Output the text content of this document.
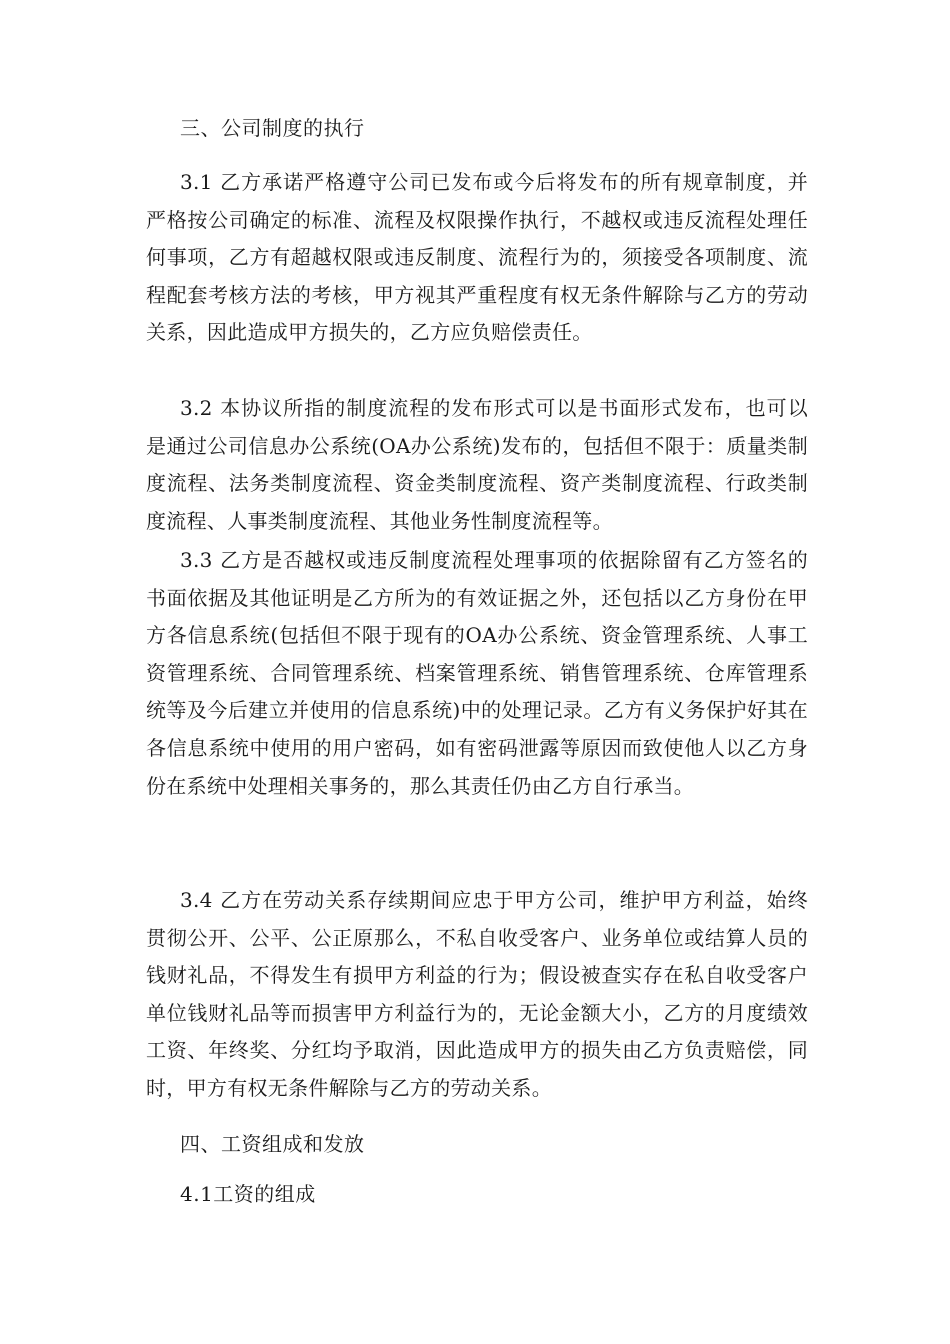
三、公司制度的执行

3.1 乙方承诺严格遵守公司已发布或今后将发布的所有规章制度，并严格按公司确定的标准、流程及权限操作执行，不越权或违反流程处理任何事项，乙方有超越权限或违反制度、流程行为的，须接受各项制度、流程配套考核方法的考核，甲方视其严重程度有权无条件解除与乙方的劳动关系，因此造成甲方损失的，乙方应负赔偿责任。

3.2 本协议所指的制度流程的发布形式可以是书面形式发布，也可以是通过公司信息办公系统(OA办公系统)发布的，包括但不限于：质量类制度流程、法务类制度流程、资金类制度流程、资产类制度流程、行政类制度流程、人事类制度流程、其他业务性制度流程等。

3.3 乙方是否越权或违反制度流程处理事项的依据除留有乙方签名的书面依据及其他证明是乙方所为的有效证据之外，还包括以乙方身份在甲方各信息系统(包括但不限于现有的OA办公系统、资金管理系统、人事工资管理系统、合同管理系统、档案管理系统、销售管理系统、仓库管理系统等及今后建立并使用的信息系统)中的处理记录。乙方有义务保护好其在各信息系统中使用的用户密码，如有密码泄露等原因而致使他人以乙方身份在系统中处理相关事务的，那么其责任仍由乙方自行承当。

3.4 乙方在劳动关系存续期间应忠于甲方公司，维护甲方利益，始终贯彻公开、公平、公正原那么，不私自收受客户、业务单位或结算人员的钱财礼品，不得发生有损甲方利益的行为；假设被查实存在私自收受客户单位钱财礼品等而损害甲方利益行为的，无论金额大小，乙方的月度绩效工资、年终奖、分红均予取消，因此造成甲方的损失由乙方负责赔偿，同时，甲方有权无条件解除与乙方的劳动关系。

四、工资组成和发放

4.1工资的组成
